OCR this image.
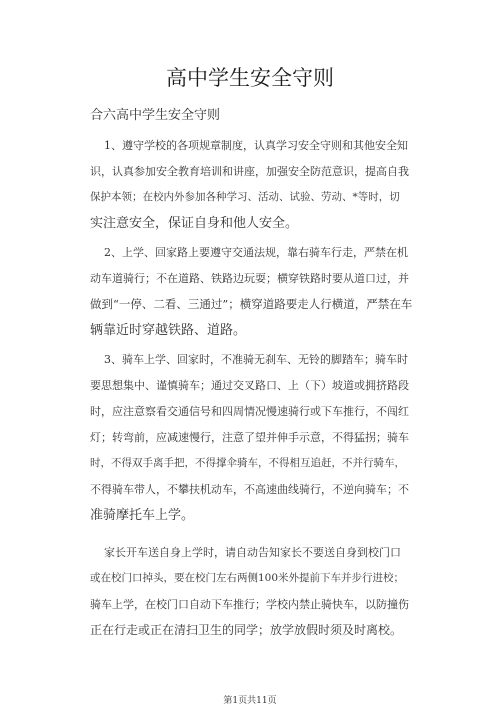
高中学生安全守则
合六高中学生安全守则
1、遵守学校的各项规章制度，认真学习安全守则和其他安全知
识，认真参加安全教育培训和讲座，加强安全防范意识，提高自我
保护本领；在校内外参加各种学习、活动、试验、劳动、*等时，切
实注意安全，保证自身和他人安全。
2、上学、回家路上要遵守交通法规，靠右骑车行走，严禁在机
动车道骑行；不在道路、铁路边玩耍；横穿铁路时要从道口过，并
做到“一停、二看、三通过”；横穿道路要走人行横道，严禁在车
辆靠近时穿越铁路、道路。
3、骑车上学、回家时，不准骑无刹车、无铃的脚踏车；骑车时
要思想集中、谨慎骑车；通过交叉路口、上（下）坡道或拥挤路段
时，应注意察看交通信号和四周情况慢速骑行或下车推行，不闯红
灯；转弯前，应减速慢行，注意了望并伸手示意，不得猛拐；骑车
时，不得双手离手把，不得撑伞骑车，不得相互追赶，不并行骑车，
不得骑车带人，不攀扶机动车，不高速曲线骑行，不逆向骑车；不
准骑摩托车上学。
家长开车送自身上学时，请自动告知家长不要送自身到校门口
或在校门口掉头，要在校门左右两侧100米外提前下车并步行进校；
骑车上学，在校门口自动下车推行；学校内禁止骑快车，以防撞伤
正在行走或正在清扫卫生的同学；放学放假时须及时离校。
第1页共11页
